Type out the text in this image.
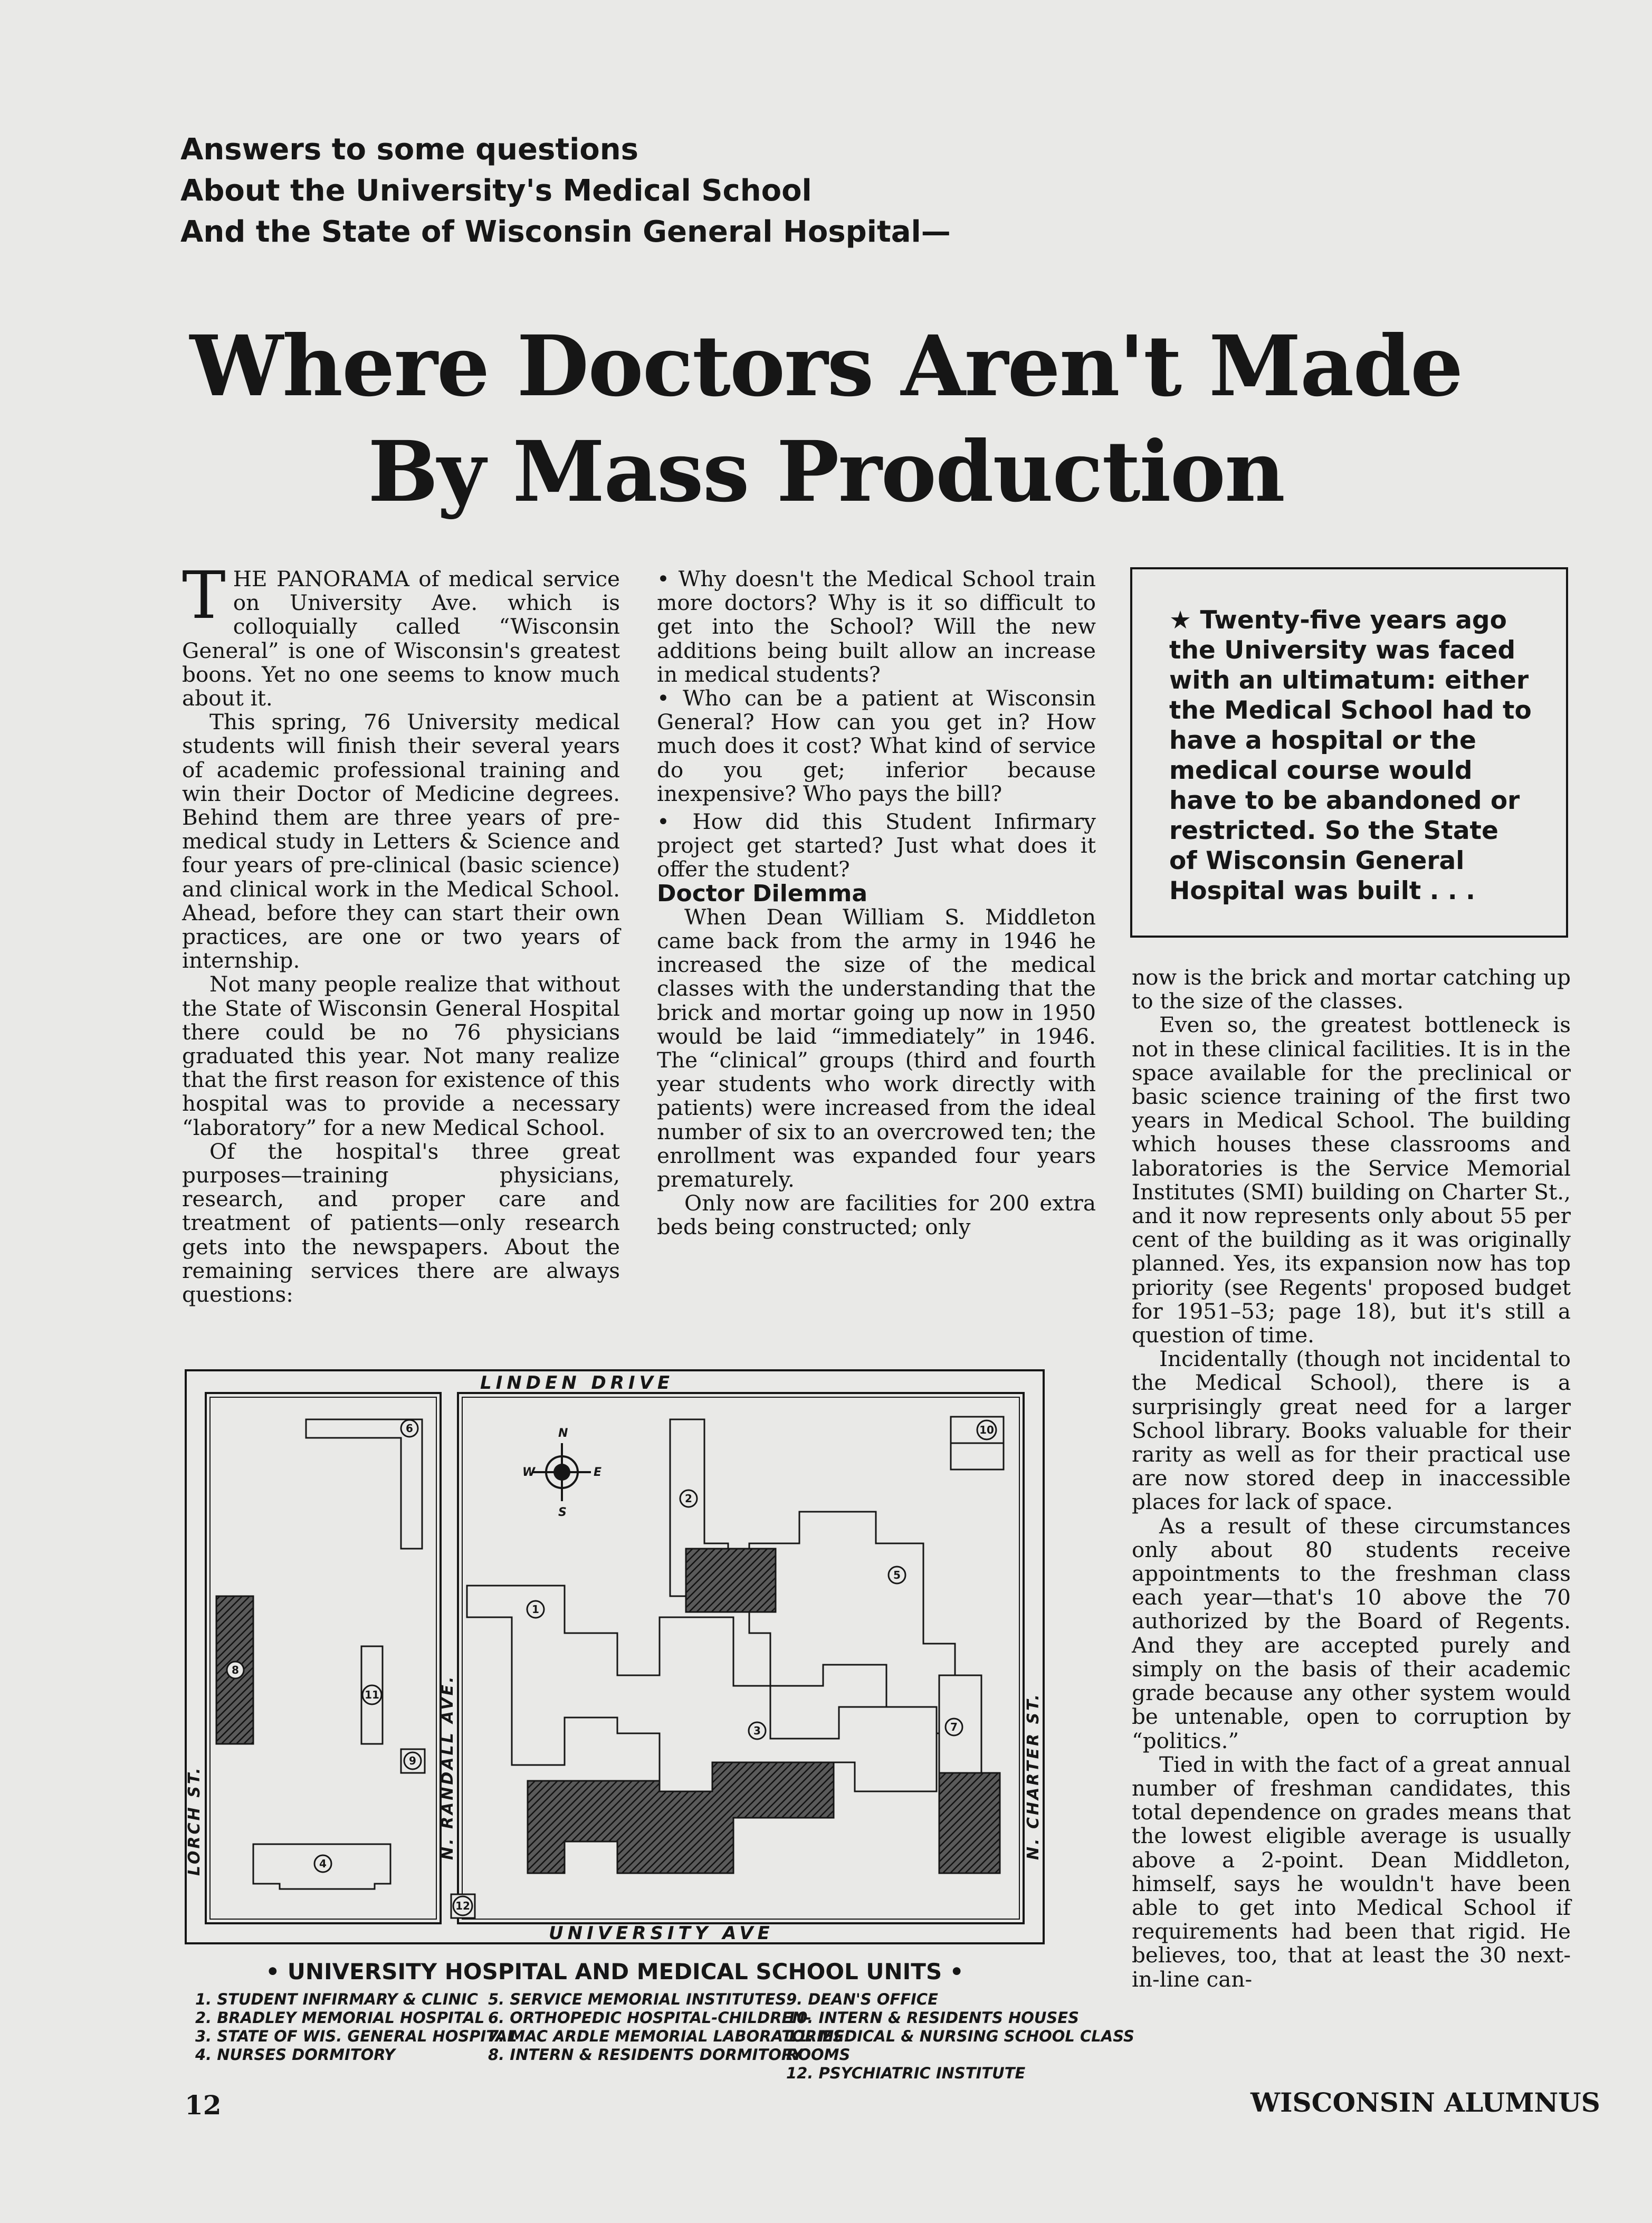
Answers to some questions
About the University's Medical School
And the State of Wisconsin General Hospital—
Where Doctors Aren't Made
By Mass Production

THE PANORAMA of medical service on University Ave. which is colloquially called “Wisconsin General” is one of Wisconsin's greatest boons. Yet no one seems to know much about it.

This spring, 76 University medical students will finish their several years of academic professional training and win their Doctor of Medicine degrees. Behind them are three years of pre-medical study in Letters & Science and four years of pre-clinical (basic science) and clinical work in the Medical School. Ahead, before they can start their own practices, are one or two years of internship.

Not many people realize that without the State of Wisconsin General Hospital there could be no 76 physicians graduated this year. Not many realize that the first reason for existence of this hospital was to provide a necessary “laboratory” for a new Medical School.

Of the hospital's three great purposes—training physicians, research, and proper care and treatment of patients—only research gets into the newspapers. About the remaining services there are always questions:

• Why doesn't the Medical School train more doctors? Why is it so difficult to get into the School? Will the new additions being built allow an increase in medical students?

• Who can be a patient at Wisconsin General? How can you get in? How much does it cost? What kind of service do you get; inferior because inexpensive? Who pays the bill?

• How did this Student Infirmary project get started? Just what does it offer the student?

Doctor Dilemma

When Dean William S. Middleton came back from the army in 1946 he increased the size of the medical classes with the understanding that the brick and mortar going up now in 1950 would be laid “immediately” in 1946. The “clinical” groups (third and fourth year students who work directly with patients) were increased from the ideal number of six to an overcrowed ten; the enrollment was expanded four years prematurely.

Only now are facilities for 200 extra beds being constructed; only

★ Twenty-five years ago the University was faced with an ultimatum: either the Medical School had to have a hospital or the medical course would have to be abandoned or restricted. So the State of Wisconsin General Hospital was built . . .

now is the brick and mortar catching up to the size of the classes.

Even so, the greatest bottleneck is not in these clinical facilities. It is in the space available for the preclinical or basic science training of the first two years in Medical School. The building which houses these classrooms and laboratories is the Service Memorial Institutes (SMI) building on Charter St., and it now represents only about 55 per cent of the building as it was originally planned. Yes, its expansion now has top priority (see Regents' proposed budget for 1951–53; page 18), but it's still a question of time.

Incidentally (though not incidental to the Medical School), there is a surprisingly great need for a larger School library. Books valuable for their rarity as well as for their practical use are now stored deep in inaccessible places for lack of space.

As a result of these circumstances only about 80 students receive appointments to the freshman class each year—that's 10 above the 70 authorized by the Board of Regents. And they are accepted purely and simply on the basis of their academic grade because any other system would be untenable, open to corruption by “politics.”

Tied in with the fact of a great annual number of freshman candidates, this total dependence on grades means that the lowest eligible average is usually above a 2-point. Dean Middleton, himself, says he wouldn't have been able to get into Medical School if requirements had been that rigid. He believes, too, that at least the 30 next-in-line can-

N
S
E
W
LINDEN DRIVE
UNIVERSITY AVE
LORCH ST.	N. RANDALL AVE.	N. CHARTER ST.
1
2
3
4
5
6
7
8
9
10
11
12
• UNIVERSITY HOSPITAL AND MEDICAL SCHOOL UNITS •
1. STUDENT INFIRMARY & CLINIC
2. BRADLEY MEMORIAL HOSPITAL
3. STATE OF WIS. GENERAL HOSPITAL
4. NURSES DORMITORY
5. SERVICE MEMORIAL INSTITUTES
6. ORTHOPEDIC HOSPITAL-CHILDREN-
7. MAC ARDLE MEMORIAL LABORATORIES
8. INTERN & RESIDENTS DORMITORY
9. DEAN'S OFFICE
10. INTERN & RESIDENTS HOUSES
11. MEDICAL & NURSING SCHOOL CLASS ROOMS
12. PSYCHIATRIC INSTITUTE
12	WISCONSIN ALUMNUS
